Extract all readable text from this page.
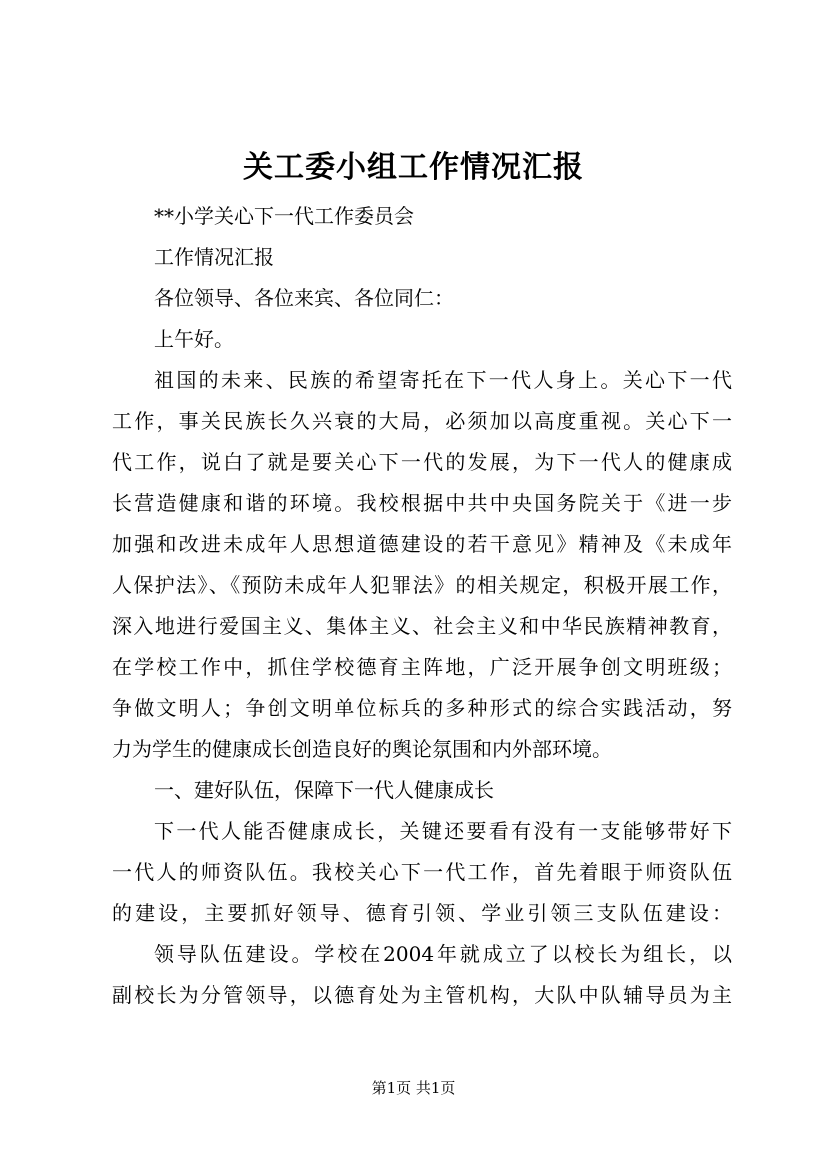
关工委小组工作情况汇报
**小学关心下一代工作委员会
工作情况汇报
各位领导、各位来宾、各位同仁：
上午好。
祖国的未来、民族的希望寄托在下一代人身上。关心下一代
工作，事关民族长久兴衰的大局，必须加以高度重视。关心下一
代工作，说白了就是要关心下一代的发展，为下一代人的健康成
长营造健康和谐的环境。我校根据中共中央国务院关于《进一步
加强和改进未成年人思想道德建设的若干意见》精神及《未成年
人保护法》、《预防未成年人犯罪法》的相关规定，积极开展工作，
深入地进行爱国主义、集体主义、社会主义和中华民族精神教育，
在学校工作中，抓住学校德育主阵地，广泛开展争创文明班级；
争做文明人；争创文明单位标兵的多种形式的综合实践活动，努
力为学生的健康成长创造良好的舆论氛围和内外部环境。
一、建好队伍，保障下一代人健康成长
下一代人能否健康成长，关键还要看有没有一支能够带好下
一代人的师资队伍。我校关心下一代工作，首先着眼于师资队伍
的建设，主要抓好领导、德育引领、学业引领三支队伍建设：
领导队伍建设。学校在2004年就成立了以校长为组长，以
副校长为分管领导，以德育处为主管机构，大队中队辅导员为主
第1页 共1页
